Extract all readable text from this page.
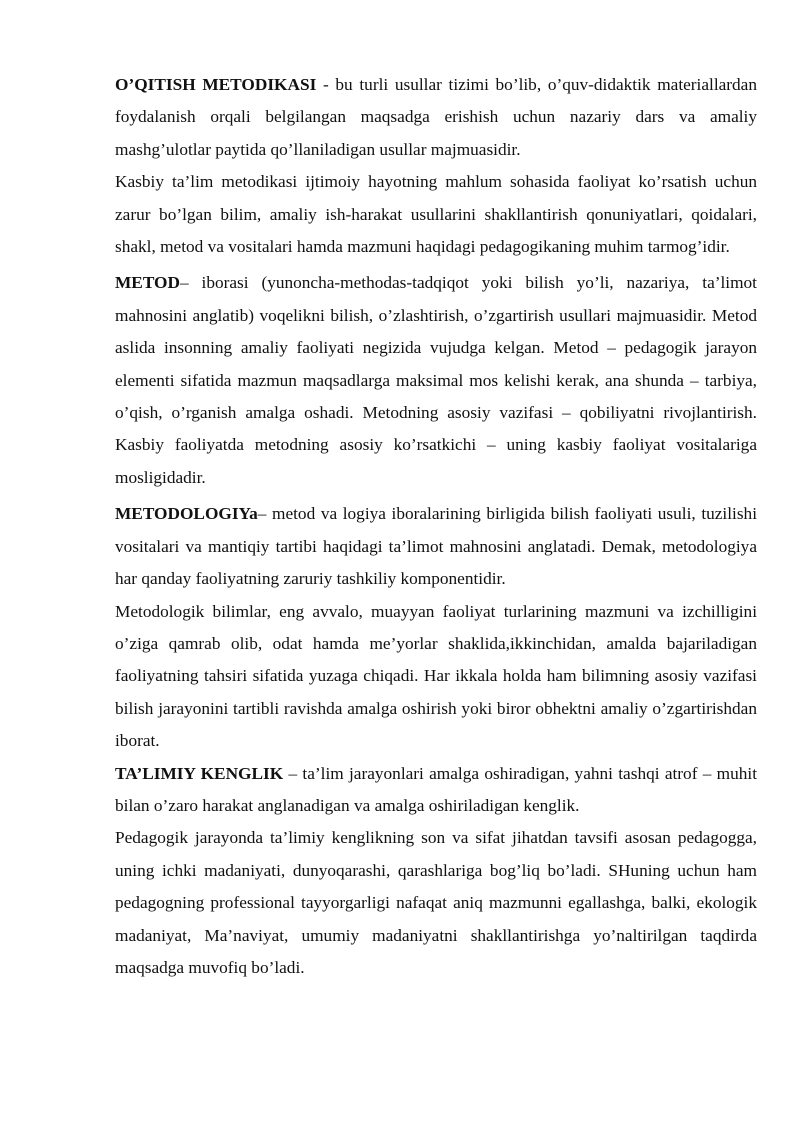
O’QITISH METODIKASI - bu turli usullar tizimi bo’lib, o’quv-didaktik materiallardan foydalanish orqali belgilangan maqsadga erishish uchun nazariy dars va amaliy mashg’ulotlar paytida qo’llaniladigan usullar majmuasidir.

Kasbiy ta’lim metodikasi ijtimoiy hayotning mahlum sohasida faoliyat ko’rsatish uchun zarur bo’lgan bilim, amaliy ish-harakat usullarini shakllantirish qonuniyatlari, qoidalari, shakl, metod va vositalari hamda mazmuni haqidagi pedagogikaning muhim tarmog’idir.

METOD– iborasi (yunoncha-methodas-tadqiqot yoki bilish yo’li, nazariya, ta’limot mahnosini anglatib) voqelikni bilish, o’zlashtirish, o’zgartirish usullari majmuasidir. Metod aslida insonning amaliy faoliyati negizida vujudga kelgan. Metod – pedagogik jarayon elementi sifatida mazmun maqsadlarga maksimal mos kelishi kerak, ana shunda – tarbiya, o’qish, o’rganish amalga oshadi. Metodning asosiy vazifasi – qobiliyatni rivojlantirish. Kasbiy faoliyatda metodning asosiy ko’rsatkichi – uning kasbiy faoliyat vositalariga mosligidadir.

METODOLOGIYa– metod va logiya iboralarining birligida bilish faoliyati usuli, tuzilishi vositalari va mantiqiy tartibi haqidagi ta’limot mahnosini anglatadi. Demak, metodologiya har qanday faoliyatning zaruriy tashkiliy komponentidir.

Metodologik bilimlar, eng avvalo, muayyan faoliyat turlarining mazmuni va izchilligini o’ziga qamrab olib, odat hamda me’yorlar shaklida,ikkinchidan, amalda bajariladigan faoliyatning tahsiri sifatida yuzaga chiqadi. Har ikkala holda ham bilimning asosiy vazifasi bilish jarayonini tartibli ravishda amalga oshirish yoki biror obhektni amaliy o’zgartirishdan iborat.

TA’LIMIY KENGLIK – ta’lim jarayonlari amalga oshiradigan, yahni tashqi atrof – muhit bilan o’zaro harakat anglanadigan va amalga oshiriladigan kenglik.

Pedagogik jarayonda ta’limiy kenglikning son va sifat jihatdan tavsifi asosan pedagogga, uning ichki madaniyati, dunyoqarashi, qarashlariga bog’liq bo’ladi. SHuning uchun ham pedagogning professional tayyorgarligi nafaqat aniq mazmunni egallashga, balki, ekologik madaniyat, Ma’naviyat, umumiy madaniyatni shakllantirishga yo’naltirilgan taqdirda maqsadga muvofiq bo’ladi.
